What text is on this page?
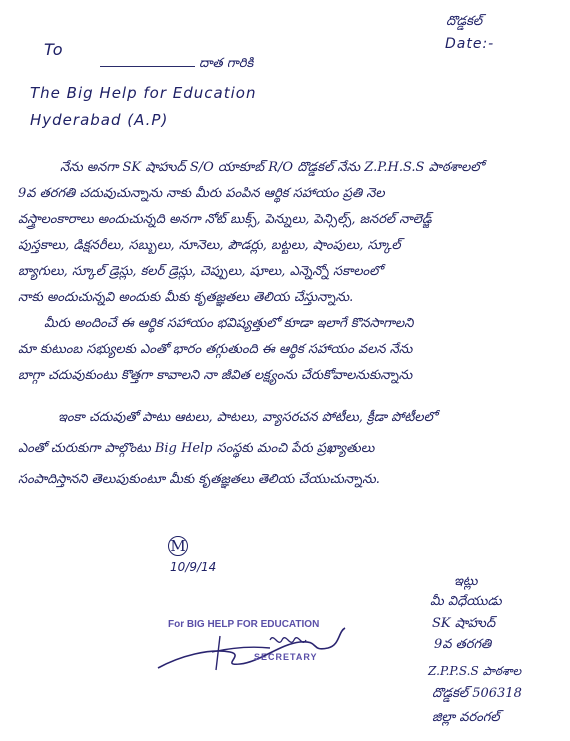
దొడ్డకల్
Date:-
To
దాత గారికి
The Big Help for Education
Hyderabad (A.P)
నేను అనగా SK షాహుద్ S/O యాకూబ్ R/O దొడ్డకల్ నేను Z.P.H.S.S పాఠశాలలో
9వ తరగతి చదువుచున్నాను నాకు మీరు పంపిన ఆర్థిక సహాయం ప్రతి నెల
వస్త్రాలంకారాలు అందుచున్నది అనగా నోట్ బుక్స్, పెన్నులు, పెన్సిల్స్, జనరల్ నాలెడ్జ్
పుస్తకాలు, డిక్షనరీలు, సబ్బులు, నూనెలు, పౌడర్లు, బట్టలు, షాంపులు, స్కూల్
బ్యాగులు, స్కూల్ డ్రెస్లు, కలర్ డ్రెస్లు, చెప్పులు, షూలు, ఎన్నెన్నో సకాలంలో
నాకు అందుచున్నవి అందుకు మీకు కృతజ్ఞతలు తెలియ చేస్తున్నాను.
మీరు అందించే ఈ ఆర్థిక సహాయం భవిష్యత్తులో కూడా ఇలాగే కొనసాగాలని
మా కుటుంబ సభ్యులకు ఎంతో భారం తగ్గుతుంది ఈ ఆర్థిక సహాయం వలన నేను
బాగ్గా చదువుకుంటు కొత్తగా కావాలని నా జీవిత లక్ష్యంను చేరుకోవాలనుకున్నాను
ఇంకా చదువుతో పాటు ఆటలు, పాటలు, వ్యాసరచన పోటీలు, క్రీడా పోటీలలో
ఎంతో చురుకుగా పాల్గొంటు Big Help సంస్థకు మంచి పేరు ప్రఖ్యాతులు
సంపాదిస్తానని తెలుపుకుంటూ మీకు కృతజ్ఞతలు తెలియ చేయుచున్నాను.
M
10/9/14
For BIG HELP FOR EDUCATION
SECRETARY
ఇట్లు
మీ విధేయుడు
SK షాహుద్
9వ తరగతి
Z.P.P.S.S పాఠశాల
దొడ్డకల్ 506318
జిల్లా వరంగల్
